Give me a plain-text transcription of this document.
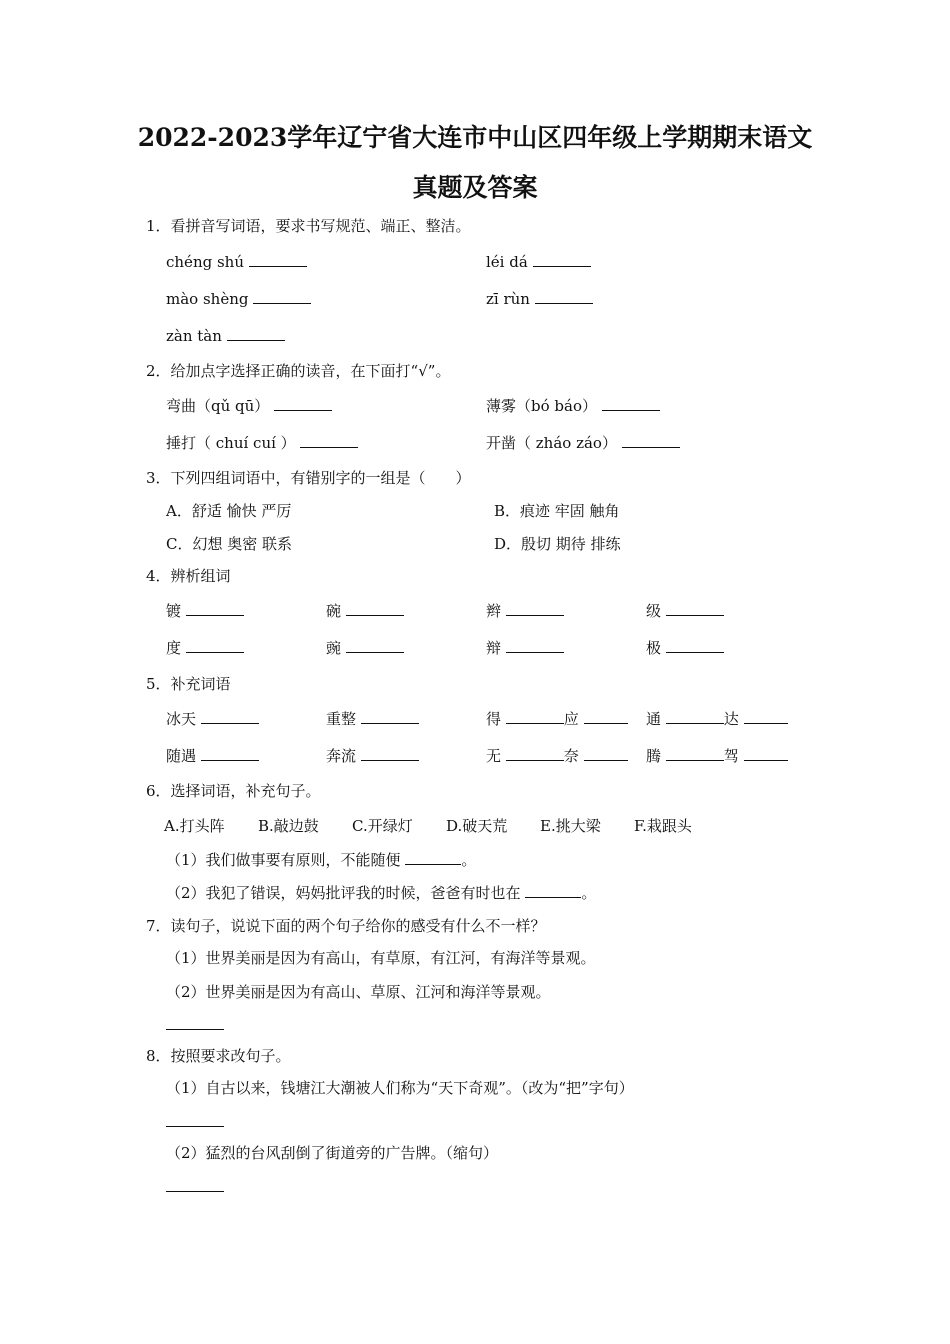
2022-2023学年辽宁省大连市中山区四年级上学期期末语文
真题及答案
1．看拼音写词语，要求书写规范、端正、整洁。
chéng shú	léi dá
mào shèng	zī rùn
zàn tàn
2．给加点字选择正确的读音，在下面打“√”。
弯曲（qǔ qū）	薄雾（bó báo）
捶打（ chuí cuí ）	开凿（ zháo záo）
3．下列四组词语中，有错别字的一组是（　　）
A．舒适 愉快 严厉	B．痕迹 牢固 触角
C．幻想 奥密 联系	D．殷切 期待 排练
4．辨析组词
镀	碗	辫	级
度	豌	辩	极
5．补充词语
冰天	重整	得	应	通	达
随遇	奔流	无	奈	腾	驾
6．选择词语，补充句子。
A.打头阵 B.敲边鼓 C.开绿灯 D.破天荒 E.挑大梁 F.栽跟头
（1）我们做事要有原则，不能随便	。
（2）我犯了错误，妈妈批评我的时候，爸爸有时也在	。
7．读句子，说说下面的两个句子给你的感受有什么不一样？
（1）世界美丽是因为有高山，有草原，有江河，有海洋等景观。
（2）世界美丽是因为有高山、草原、江河和海洋等景观。
8．按照要求改句子。
（1）自古以来，钱塘江大潮被人们称为“天下奇观”。（改为“把”字句）
（2）猛烈的台风刮倒了街道旁的广告牌。（缩句）
